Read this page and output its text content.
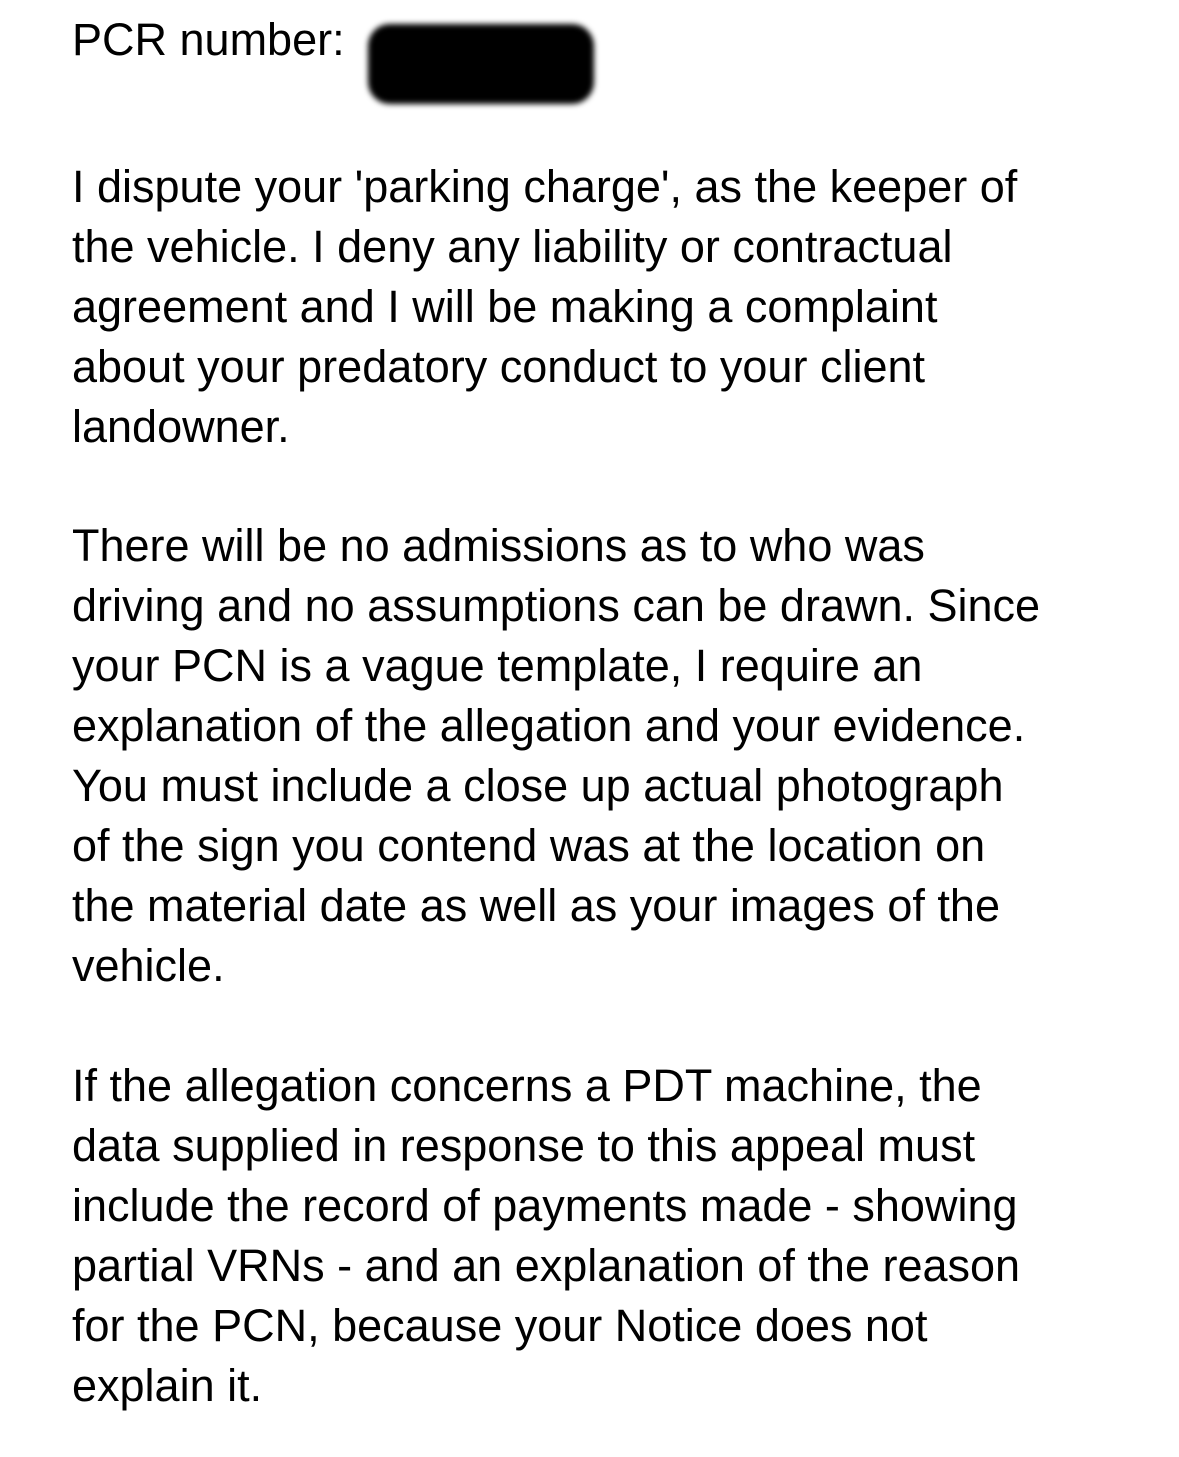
PCR number:
I dispute your 'parking charge', as the keeper of
the vehicle. I deny any liability or contractual
agreement and I will be making a complaint
about your predatory conduct to your client
landowner.
There will be no admissions as to who was
driving and no assumptions can be drawn. Since
your PCN is a vague template, I require an
explanation of the allegation and your evidence.
You must include a close up actual photograph
of the sign you contend was at the location on
the material date as well as your images of the
vehicle.
If the allegation concerns a PDT machine, the
data supplied in response to this appeal must
include the record of payments made - showing
partial VRNs - and an explanation of the reason
for the PCN, because your Notice does not
explain it.
